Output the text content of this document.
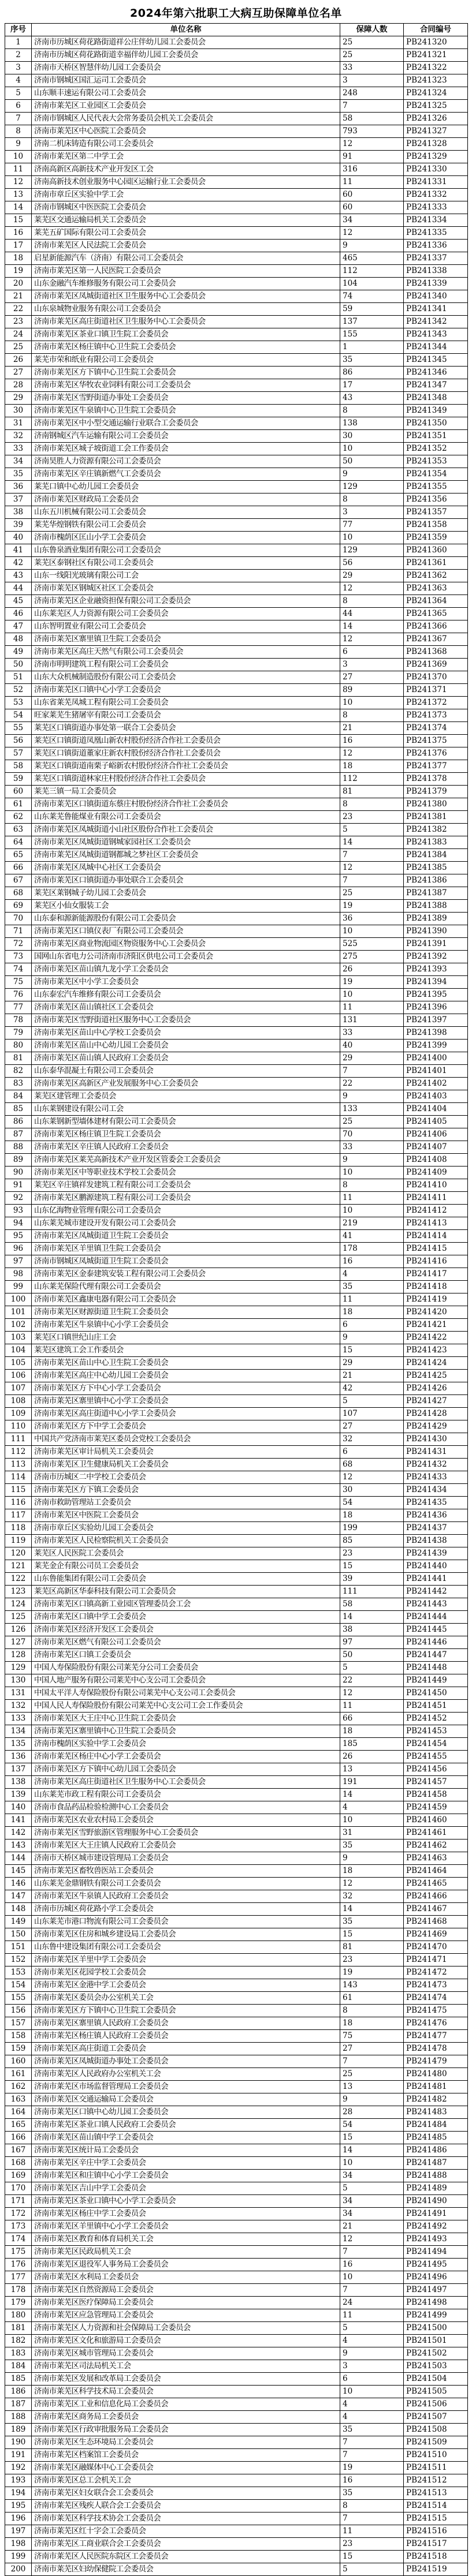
2024年第六批职工大病互助保障单位名单
序号	单位名称	保障人数	合同编号
1	济南市历城区荷花路街道祥公庄伴幼儿园工会委员会	25	PB241320
2	济南市历城区荷花路街道幸福伴幼儿园工会委员会	25	PB241321
3	济南市天桥区智慧伴幼儿园工会委员会	33	PB241322
4	济南市钢城区国汇运司工会委员会	3	PB241323
5	山东顺丰速运有限公司工会委员会	248	PB241324
6	济南市莱芜区工业园区工会委员会	7	PB241325
7	济南市钢城区人民代表大会常务委员会机关工会委员会	58	PB241326
8	济南市莱芜区中心医院工会委员会	793	PB241327
9	济南二机床铸造有限公司工会委员会	12	PB241328
10	济南市莱芜区第二中学工会	91	PB241329
11	济南高新区高新技术产业开发区工会	316	PB241330
12	济南高新技术创业服务中心园区运输行业工会委员会	11	PB241331
13	济南市章丘区实验中学工会	60	PB241332
14	济南市钢城区中医医院工会委员会	60	PB241333
15	莱芜区交通运输局机关工会委员会	34	PB241334
16	莱芜五矿国际有限公司工会委员会	12	PB241335
17	济南市莱芜区人民法院工会委员会	9	PB241336
18	启星新能源汽车（济南）有限公司工会委员会	465	PB241337
19	济南市莱芜区第一人民医院工会委员会	112	PB241338
20	山东金融汽车维修服务有限公司工会委员会	104	PB241339
21	济南市莱芜区凤城街道社区卫生服务中心工会委员会	74	PB241340
22	山东泉城物业服务有限公司工会委员会	59	PB241341
23	济南市莱芜区高庄街道社区卫生服务中心工会委员会	137	PB241342
24	济南市莱芜区茶业口镇卫生院工会委员会	155	PB241343
25	济南市莱芜区杨庄镇中心卫生院工会委员会	1	PB241344
26	莱芜市荣和纸业有限公司工会委员会	35	PB241345
27	济南市莱芜区方下镇中心卫生院工会委员会	86	PB241346
28	济南市莱芜区华牧农业饲料有限公司工会委员会	17	PB241347
29	济南市莱芜区雪野街道办事处工会委员会	43	PB241348
30	济南市莱芜区牛泉镇中心卫生院工会委员会	8	PB241349
31	济南市莱芜区中小型交通运输行业联合工会委员会	138	PB241350
32	济南钢城区汽车运输有限公司工会委员会	30	PB241351
33	济南市莱芜区城子坡街道工会工作委员会	10	PB241352
34	济南昊胜人力资源有限公司工会委员会	50	PB241353
35	济南市莱芜区辛庄镇新燃气工会委员会	9	PB241354
36	莱芜口镇中心幼儿园工会委员会	129	PB241355
37	济南市莱芜区财政局工会委员会	8	PB241356
38	山东五川机械有限公司工会委员会	3	PB241357
39	莱芜华煌钢铁有限公司工会委员会	77	PB241358
40	济南市槐荫区匡山小学工会委员会	10	PB241359
41	山东鲁泉酒业集团有限公司工会委员会	129	PB241360
42	莱芜区泰钢社区有限公司工会委员会	56	PB241361
43	山东一线阳光玻璃有限公司工会	29	PB241362
44	济南市莱芜区钢城区社区工会委员会	12	PB241363
45	济南市莱芜区企业融资担保有限公司工会委员会	8	PB241364
46	山东莱芜区人力资源有限公司工会委员会	44	PB241365
47	山东智明置业有限公司工会委员会	14	PB241366
48	济南市莱芜区寨里镇卫生院工会委员会	12	PB241367
49	济南市莱芜区高庄天然气有限公司工会委员会	6	PB241368
50	济南市明明建筑工程有限公司工会委员会	3	PB241369
51	山东大众机械制造股份有限公司工会委员会	27	PB241370
52	济南市莱芜区口镇中心小学工会委员会	89	PB241371
53	山东省莱芜凤城工程有限公司工会委员会	10	PB241372
54	旺家莱芜生猪屠宰有限公司工会委员会	8	PB241373
55	莱芜区口镇街道办事处第一联合工会委员会	21	PB241374
56	莱芜区口镇街道凤凰山新农村股份经济合作社工会委员会	16	PB241375
57	莱芜区口镇街道董家庄新农村股份经济合作社工会委员会	12	PB241376
58	莱芜区口镇街道南栗子峪新农村股份经济合作社工会委员会	18	PB241377
59	莱芜区口镇街道林家庄村股份经济合作社工会委员会	112	PB241378
60	莱芜三镇一局工会委员会	81	PB241379
61	济南市莱芜区口镇街道东蔡庄村股份经济合作社工会委员会	8	PB241380
62	山东莱芜鲁能煤业有限公司工会委员会	23	PB241381
63	济南市莱芜区凤城街道小山社区股份合作社工会委员会	5	PB241382
64	济南市莱芜区凤城街道钢城家园社区工会委员会	14	PB241383
65	济南市莱芜区凤城街道钢都城之梦社区工会委员会	7	PB241384
66	济南市莱芜区凤城中心社区工会委员会	12	PB241385
67	济南市莱芜区口镇街道办事处联合工会委员会	7	PB241386
68	莱芜区莱钢城子幼儿园工会委员会	25	PB241387
69	莱芜区小仙女服装工会	19	PB241388
70	山东泰和源新能源股份有限公司工会委员会	36	PB241389
71	济南市莱芜区口镇仪表厂有限公司工会委员会	10	PB241390
72	济南市莱芜区商业物流园区物资服务中心工会委员会	525	PB241391
73	国网山东省电力公司济南市济阳区供电公司工会委员会	275	PB241392
74	济南市莱芜区苗山镇九龙小学工会委员会	26	PB241393
75	济南市莱芜区中小学工会委员会	19	PB241394
76	山东泰宏汽车维修有限公司工会委员会	10	PB241395
77	济南市莱芜区苗山镇社区工会委员会	11	PB241396
78	济南市莱芜区雪野街道社区服务中心工会委员会	131	PB241397
79	济南市莱芜区苗山中心学校工会委员会	33	PB241398
80	济南市莱芜区苗山中心幼儿园工会委员会	40	PB241399
81	济南市莱芜区苗山镇人民政府工会委员会	29	PB241400
82	山东泰华混凝土有限公司工会委员会	7	PB241401
83	济南市莱芜区高新区产业发展服务中心工会委员会	22	PB241402
84	莱芜区建管理工会委员会	9	PB241403
85	山东莱钢建设有限公司工会	133	PB241404
86	山东莱钢新型墙体建材有限公司工会委员会	25	PB241405
87	济南市莱芜区杨庄镇卫生院工会委员会	70	PB241406
88	济南市莱芜区辛庄镇人民政府工会委员会	33	PB241407
89	济南市莱芜区莱芜高新技术产业开发区管委会工会委员会	9	PB241408
90	济南市莱芜区中等职业技术学校工会委员会	10	PB241409
91	莱芜区辛庄镇祥发建筑工程有限公司工会委员会	8	PB241410
92	济南市莱芜区鹏源建筑工程有限公司工会委员会	11	PB241411
93	山东亿海物业管理有限公司工会委员会	10	PB241412
94	山东莱芜城市建设开发有限公司工会委员会	219	PB241413
95	济南市莱芜区凤城街道卫生院工会委员会	41	PB241414
96	济南市莱芜区羊里镇卫生院工会委员会	178	PB241415
97	济南市钢城区凤城街道卫生院工会委员会	16	PB241416
98	济南市莱芜区金泰建筑安装工程有限公司工会委员会	4	PB241417
99	山东莱芜保险代理有限公司工会委员会	35	PB241418
100	济南市莱芜区鑫康电器有限公司工会委员会	11	PB241419
101	济南市莱芜区财源街道卫生院工会委员会	18	PB241420
102	济南市莱芜区牛泉镇中心小学工会委员会	6	PB241421
103	莱芜区口镇世纪山庄工会	9	PB241422
104	莱芜区建筑工会工作委员会	15	PB241423
105	济南市莱芜区苗山中心卫生院工会委员会	29	PB241424
106	济南市莱芜区高庄中心幼儿园工会委员会	21	PB241425
107	济南市莱芜区方下中心小学工会委员会	42	PB241426
108	济南市莱芜区寨里镇中心小学工会委员会	5	PB241427
109	济南市莱芜区高庄街道中心小学工会委员会	107	PB241428
110	济南市莱芜区方下中学工会委员会	27	PB241429
111	中国共产党济南市莱芜区委员会党校工会委员会	32	PB241430
112	济南市莱芜区审计局机关工会委员会	6	PB241431
113	济南市莱芜区卫生健康局机关工会委员会	68	PB241432
114	济南市历城区二中学校工会委员会	12	PB241433
115	济南市莱芜区方下镇工会委员会	30	PB241434
116	济南市救助管理站工会委员会	54	PB241435
117	济南市莱芜区中医院工会委员会	18	PB241436
118	济南市章丘区实验幼儿园工会委员会	199	PB241437
119	济南市莱芜区人民检察院机关工会委员会	85	PB241438
120	莱芜区人民医院工会委员会	23	PB241439
121	莱芜金企有限公司员工会委员会	15	PB241440
122	山东鲁能集团有限公司工会委员会	39	PB241441
123	莱芜区高新区华泰科技有限公司工会委员会	111	PB241442
124	济南市莱芜区口镇高新工业园区管理委员会工会	58	PB241443
125	济南市莱芜区口镇中学工会委员会	14	PB241444
126	济南市莱芜区经济开发区工会委员会	38	PB241445
127	济南市莱芜区燃气有限公司工会委员会	97	PB241446
128	济南市莱芜区口镇工会委员会	50	PB241447
129	中国人寿保险股份有限公司莱芜分公司工会委员会	5	PB241448
130	中国人地产服务有限公司莱芜中心支公司工会委员会	22	PB241449
131	中国太平洋人寿保险股份有限公司莱芜中心支公司工会委员会	12	PB241450
132	中国人民人寿保险股份有限公司莱芜中心支公司工会工作委员会	11	PB241451
133	济南市莱芜区大王庄中心卫生院工会委员会	66	PB241452
134	济南市莱芜区寨里镇中心卫生院工会委员会	18	PB241453
135	济南市槐荫区实验中学工会委员会	185	PB241454
136	济南市莱芜区杨庄中心小学工会委员会	26	PB241455
137	济南市莱芜区方下镇中心幼儿园工会委员会	13	PB241456
138	济南市莱芜区高庄街道社区卫生服务中心工会委员会	191	PB241457
139	山东莱芜市政工程有限公司工会委员会	14	PB241458
140	济南市食品药品检验检测中心工会委员会	4	PB241459
141	济南市莱芜区农业农村局工会委员会	10	PB241460
142	济南市莱芜区雪野旅游区管理服务中心工会委员会	31	PB241461
143	济南市莱芜区大王庄镇人民政府工会委员会	35	PB241462
144	济南市天桥区城市建设管理局工会委员会	9	PB241463
145	济南市莱芜区畜牧兽医站工会委员会	18	PB241464
146	山东莱芜金鼎钢铁有限公司工会委员会	12	PB241465
147	济南市莱芜区牛泉镇人民政府工会委员会	32	PB241466
148	济南市历城区荷花路小学工会委员会	14	PB241467
149	山东莱芜市港口物流有限公司工会委员会	35	PB241468
150	济南市莱芜区住房和城乡建设局工会委员会	15	PB241469
151	山东鲁中建设集团有限公司工会委员会	81	PB241470
152	济南市莱芜区羊里中学工会委员会	23	PB241471
153	济南市莱芜区花园学校工会委员会	19	PB241472
154	济南市莱芜区金港中学工会委员会	143	PB241473
155	济南市莱芜区委员会办公室机关工会	61	PB241474
156	济南市莱芜区方下镇中心卫生院工会委员会	8	PB241475
157	济南市莱芜区寨里镇人民政府工会委员会	18	PB241476
158	济南市莱芜区杨庄镇人民政府工会委员会	75	PB241477
159	济南市莱芜区高庄街道工会委员会	27	PB241478
160	济南市莱芜区凤城街道办事处工会委员会	7	PB241479
161	济南市莱芜区人民政府办公室机关工会	25	PB241480
162	济南市莱芜区市场监督管理局工会委员会	13	PB241481
163	济南市莱芜区交通运输局工会委员会	9	PB241482
164	济南市莱芜区口镇中心幼儿园工会委员会	28	PB241483
165	济南市莱芜区茶业口镇人民政府工会委员会	54	PB241484
166	济南市莱芜区苗山镇中学工会委员会	15	PB241485
167	济南市莱芜区统计局工会委员会	14	PB241486
168	济南市莱芜区辛庄中学工会委员会	10	PB241487
169	济南市莱芜区和庄镇中心小学工会委员会	34	PB241488
170	济南市莱芜区吉山中学工会委员会	5	PB241489
171	济南市莱芜区茶业口镇中心小学工会委员会	34	PB241490
172	济南市莱芜区杨庄中学工会委员会	34	PB241491
173	济南市莱芜区羊里镇中心小学工会委员会	21	PB241492
174	济南市莱芜区教育和体育局机关工会	12	PB241493
175	济南市莱芜区民政局机关工会	7	PB241494
176	济南市莱芜区退役军人事务局工会委员会	16	PB241495
177	济南市莱芜区水利局工会委员会	10	PB241496
178	济南市莱芜区自然资源局工会委员会	7	PB241497
179	济南市莱芜区医疗保障局工会委员会	24	PB241498
180	济南市莱芜区应急管理局工会委员会	11	PB241499
181	济南市莱芜区人力资源和社会保障局工会委员会	5	PB241500
182	济南市莱芜区文化和旅游局工会委员会	4	PB241501
183	济南市莱芜区城市管理局工会委员会	9	PB241502
184	济南市莱芜区司法局机关工会	3	PB241503
185	济南市莱芜区发展和改革局工会委员会	6	PB241504
186	济南市莱芜区科学技术局工会委员会	10	PB241505
187	济南市莱芜区工业和信息化局工会委员会	4	PB241506
188	济南市莱芜区商务局工会委员会	4	PB241507
189	济南市莱芜区行政审批服务局工会委员会	35	PB241508
190	济南市莱芜区生态环境局工会委员会	7	PB241509
191	济南市莱芜区档案馆工会委员会	7	PB241510
192	济南市莱芜区融媒体中心工会委员会	19	PB241511
193	济南市莱芜区总工会机关工会	16	PB241512
194	济南市莱芜区妇女联合会工会委员会	35	PB241513
195	济南市莱芜区残疾人联合会工会委员会	8	PB241514
196	济南市莱芜区科学技术协会工会委员会	7	PB241515
197	济南市莱芜区红十字会工会委员会	11	PB241516
198	济南市莱芜区工商业联合会工会委员会	23	PB241517
199	济南市莱芜区人民医院东院区工会委员会	15	PB241518
200	济南市莱芜区妇幼保健院工会委员会	5	PB241519
